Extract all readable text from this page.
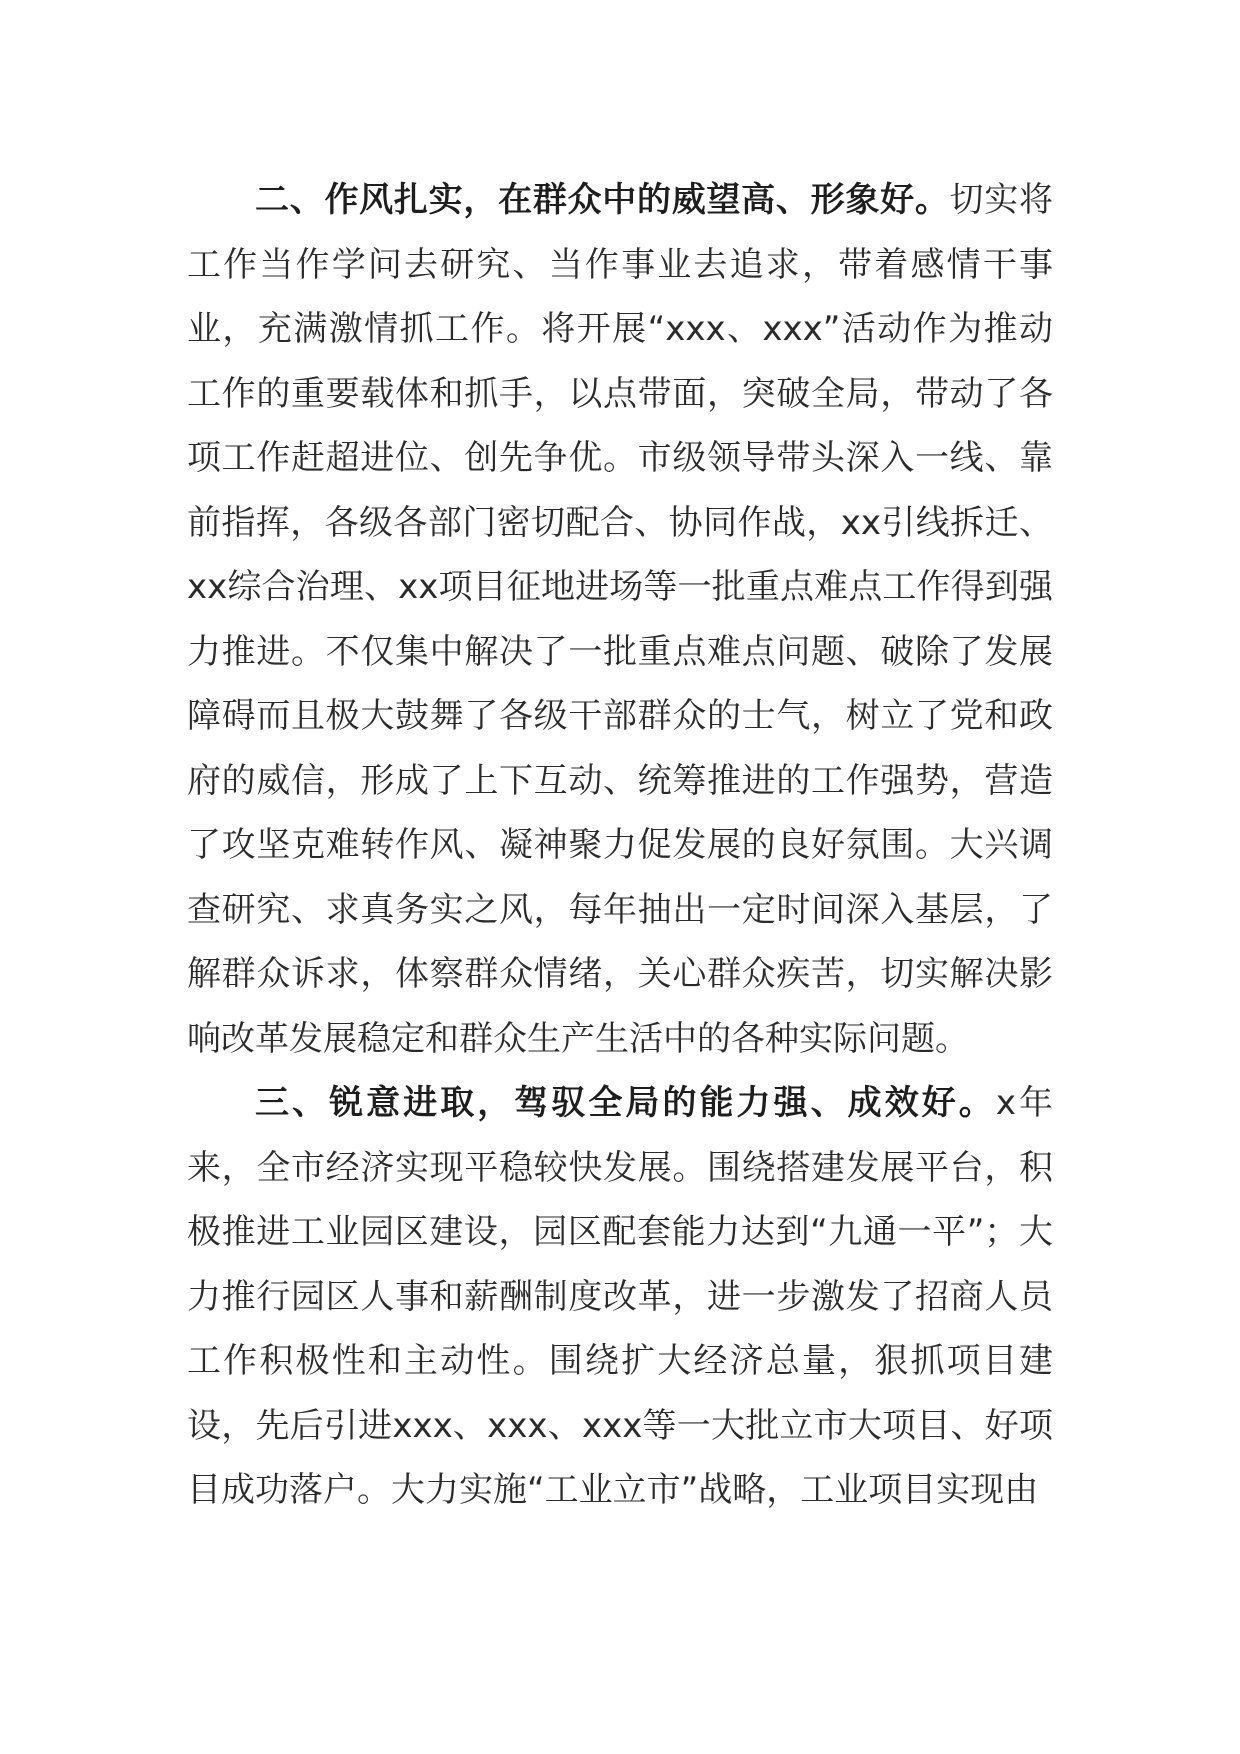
二、作风扎实，在群众中的威望高、形象好。切实将工作当作学问去研究、当作事业去追求，带着感情干事业，充满激情抓工作。将开展“xxx、xxx”活动作为推动工作的重要载体和抓手，以点带面，突破全局，带动了各项工作赶超进位、创先争优。市级领导带头深入一线、靠前指挥，各级各部门密切配合、协同作战，xx引线拆迁、xx综合治理、xx项目征地进场等一批重点难点工作得到强力推进。不仅集中解决了一批重点难点问题、破除了发展障碍而且极大鼓舞了各级干部群众的士气，树立了党和政府的威信，形成了上下互动、统筹推进的工作强势，营造了攻坚克难转作风、凝神聚力促发展的良好氛围。大兴调查研究、求真务实之风，每年抽出一定时间深入基层，了解群众诉求，体察群众情绪，关心群众疾苦，切实解决影响改革发展稳定和群众生产生活中的各种实际问题。

三、锐意进取，驾驭全局的能力强、成效好。x年来，全市经济实现平稳较快发展。围绕搭建发展平台，积极推进工业园区建设，园区配套能力达到“九通一平”；大力推行园区人事和薪酬制度改革，进一步激发了招商人员工作积极性和主动性。围绕扩大经济总量，狠抓项目建设，先后引进xxx、xxx、xxx等一大批立市大项目、好项目成功落户。大力实施“工业立市”战略，工业项目实现由
